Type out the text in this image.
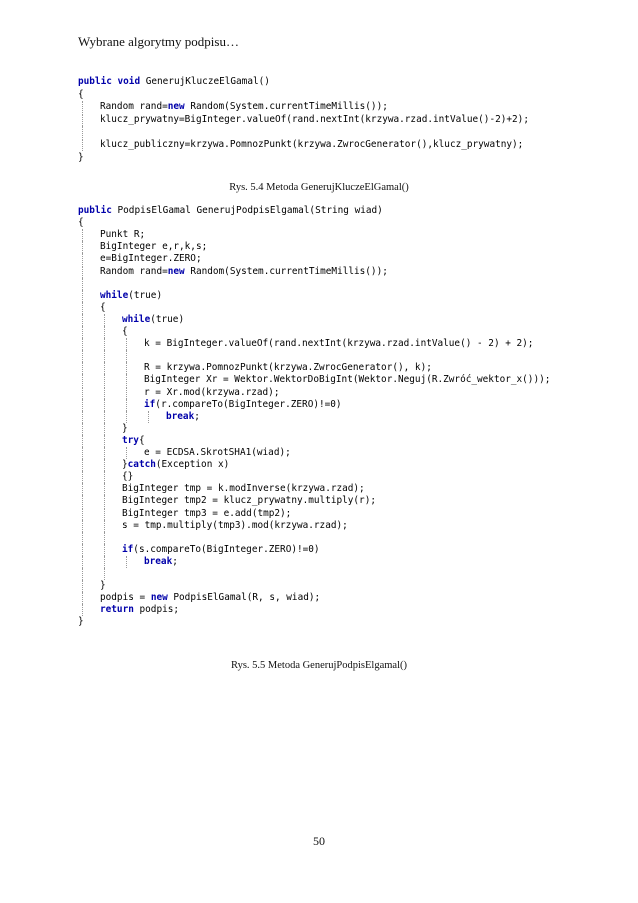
Wybrane algorytmy podpisu…
public void GenerujKluczeElGamal()
{
Random rand=new Random(System.currentTimeMillis());
klucz_prywatny=BigInteger.valueOf(rand.nextInt(krzywa.rzad.intValue()-2)+2);
klucz_publiczny=krzywa.PomnozPunkt(krzywa.ZwrocGenerator(),klucz_prywatny);
}
Rys. 5.4 Metoda GenerujKluczeElGamal()
public PodpisElGamal GenerujPodpisElgamal(String wiad)
{
Punkt R;
BigInteger e,r,k,s;
e=BigInteger.ZERO;
Random rand=new Random(System.currentTimeMillis());
while(true)
{
while(true)
{
k = BigInteger.valueOf(rand.nextInt(krzywa.rzad.intValue() - 2) + 2);
R = krzywa.PomnozPunkt(krzywa.ZwrocGenerator(), k);
BigInteger Xr = Wektor.WektorDoBigInt(Wektor.Neguj(R.Zwróć_wektor_x()));
r = Xr.mod(krzywa.rzad);
if(r.compareTo(BigInteger.ZERO)!=0)
break;
}
try{
e = ECDSA.SkrotSHA1(wiad);
}catch(Exception x)
{}
BigInteger tmp = k.modInverse(krzywa.rzad);
BigInteger tmp2 = klucz_prywatny.multiply(r);
BigInteger tmp3 = e.add(tmp2);
s = tmp.multiply(tmp3).mod(krzywa.rzad);
if(s.compareTo(BigInteger.ZERO)!=0)
break;
}
podpis = new PodpisElGamal(R, s, wiad);
return podpis;
}
Rys. 5.5 Metoda GenerujPodpisElgamal()
50
